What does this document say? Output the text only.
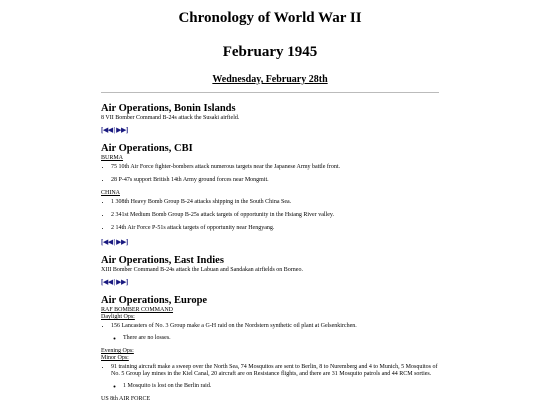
Chronology of World War II
February 1945
Wednesday, February 28th
Air Operations, Bonin Islands

8 VII Bomber Command B-24s attack the Susaki airfield.

[◀◀ | ▶▶]
Air Operations, CBI
BURMA
• 75 10th Air Force fighter-bombers attack numerous targets near the Japanese Army battle front.
• 28 P-47s support British 14th Army ground forces near Mongmit.
CHINA
• 1 308th Heavy Bomb Group B-24 attacks shipping in the South China Sea.
• 2 341st Medium Bomb Group B-25s attack targets of opportunity in the Hsiang River valley.
• 2 14th Air Force P-51s attack targets of opportunity near Hengyang.
[◀◀ | ▶▶]
Air Operations, East Indies

XIII Bomber Command B-24s attack the Labuan and Sandakan airfields on Borneo.

[◀◀ | ▶▶]
Air Operations, Europe
RAF BOMBER COMMAND
Daylight Ops:
• 156 Lancasters of No. 3 Group make a G-H raid on the Nordstern synthetic oil plant at Gelsenkirchen.
◦ There are no losses.
Evening Ops:
Minor Ops:
• 91 training aircraft make a sweep over the North Sea, 74 Mosquitos are sent to Berlin, 8 to Nuremberg and 4 to Munich, 5 Mosquitos of No. 5 Group lay mines in the Kiel Canal, 20 aircraft are on Resistance flights, and there are 31 Mosquito patrols and 44 RCM sorties.
◦ 1 Mosquito is lost on the Berlin raid.
US 8th AIR FORCE
